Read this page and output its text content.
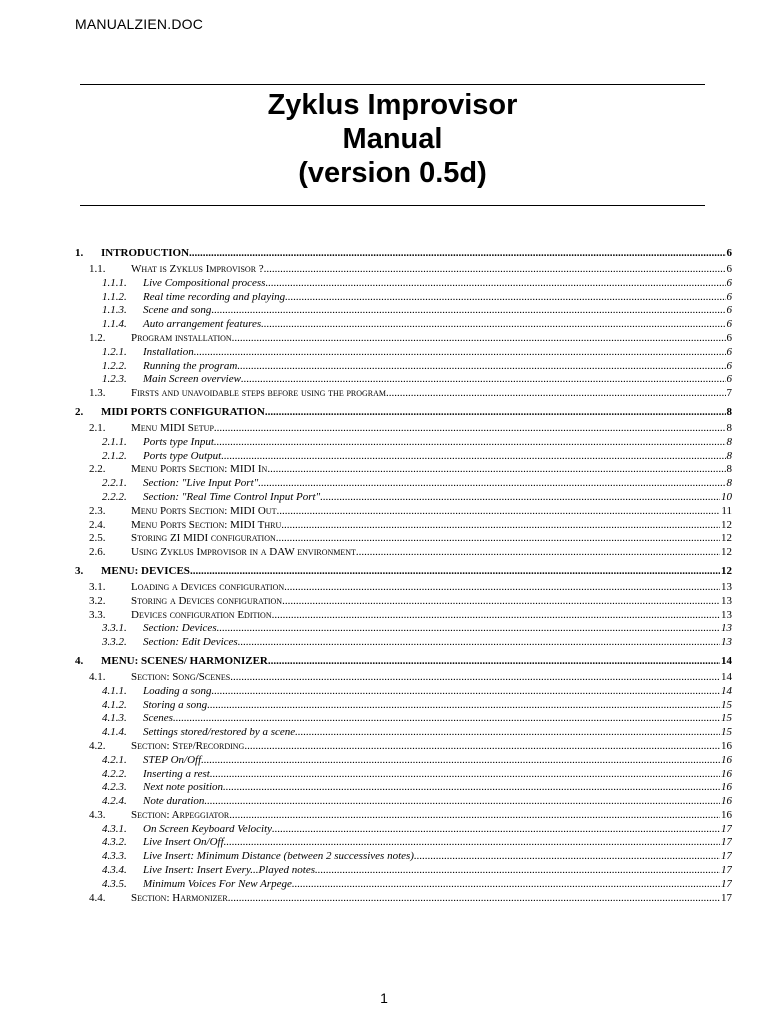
MANUALZIEN.DOC
Zyklus Improvisor
Manual
(version 0.5d)
1.	INTRODUCTION .....	6
1.1.	What is Zyklus Improvisor ? .....	6
1.1.1.	Live Compositional process .....	6
1.1.2.	Real time recording and playing .....	6
1.1.3.	Scene and song .....	6
1.1.4.	Auto arrangement features .....	6
1.2.	Program installation .....	6
1.2.1.	Installation .....	6
1.2.2.	Running the program .....	6
1.2.3.	Main Screen overview .....	6
1.3.	Firsts and unavoidable steps before using the program .....	7
2.	MIDI PORTS CONFIGURATION .....	8
2.1.	Menu MIDI Setup .....	8
2.1.1.	Ports type Input .....	8
2.1.2.	Ports type Output .....	8
2.2.	Menu Ports Section: MIDI In .....	8
2.2.1.	Section: "Live Input Port" .....	8
2.2.2.	Section: "Real Time Control Input Port" .....	10
2.3.	Menu Ports Section: MIDI Out .....	11
2.4.	Menu Ports Section: MIDI Thru .....	12
2.5.	Storing ZI MIDI configuration .....	12
2.6.	Using Zyklus Improvisor in a DAW environment .....	12
3.	MENU: DEVICES .....	12
3.1.	Loading a Devices configuration .....	13
3.2.	Storing a Devices configuration .....	13
3.3.	Devices configuration Edition .....	13
3.3.1.	Section: Devices .....	13
3.3.2.	Section: Edit Devices .....	13
4.	MENU: SCENES/ HARMONIZER .....	14
4.1.	Section: Song/Scenes .....	14
4.1.1.	Loading a song .....	14
4.1.2.	Storing a song .....	15
4.1.3.	Scenes .....	15
4.1.4.	Settings stored/restored by a scene .....	15
4.2.	Section: Step/Recording .....	16
4.2.1.	STEP On/Off .....	16
4.2.2.	Inserting a rest .....	16
4.2.3.	Next note position .....	16
4.2.4.	Note duration .....	16
4.3.	Section: Arpeggiator .....	16
4.3.1.	On Screen Keyboard Velocity .....	17
4.3.2.	Live Insert On/Off .....	17
4.3.3.	Live Insert: Minimum Distance (between 2 successives notes) .....	17
4.3.4.	Live Insert: Insert Every...Played notes .....	17
4.3.5.	Minimum Voices For New Arpege .....	17
4.4.	Section: Harmonizer .....	17
1
